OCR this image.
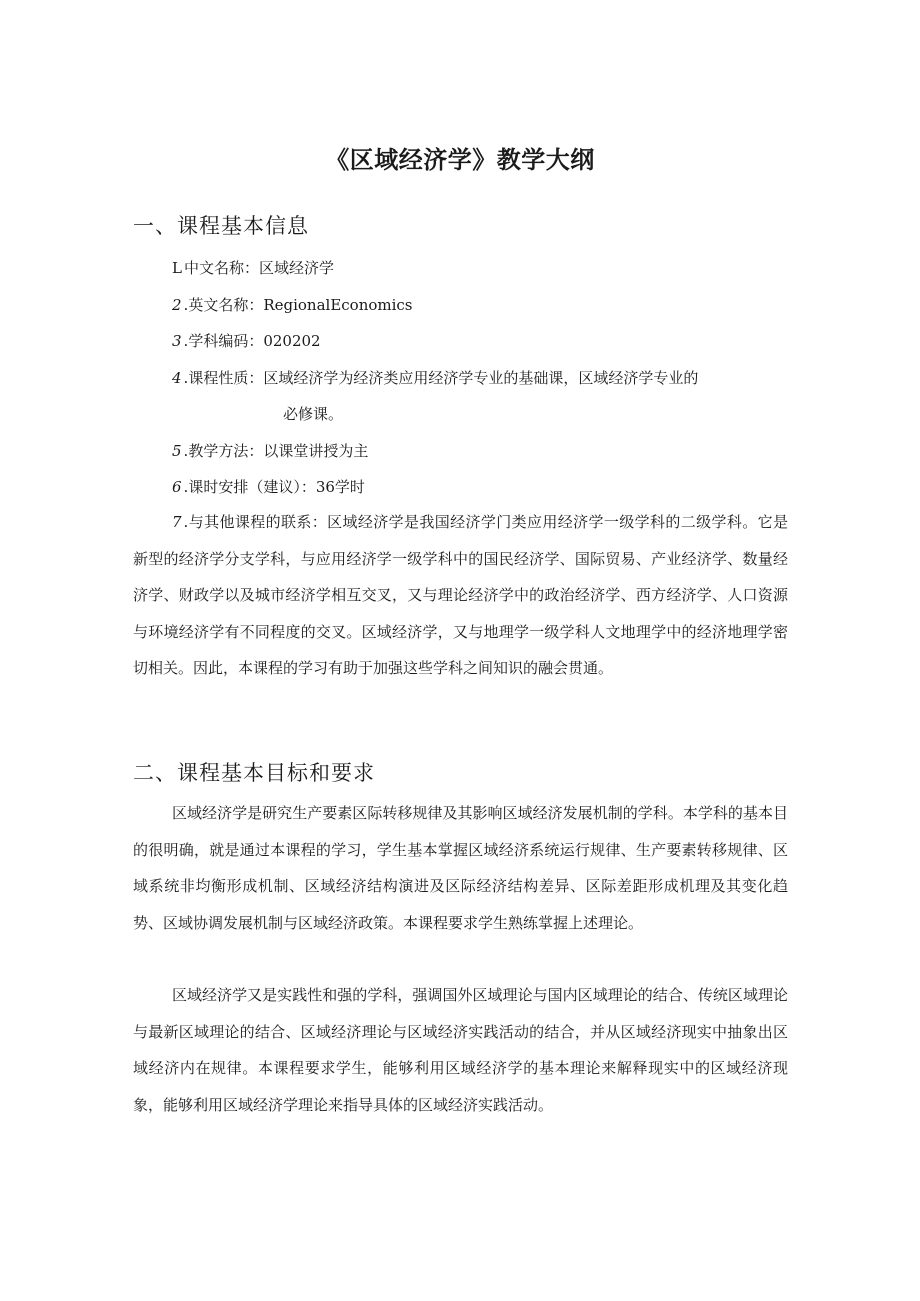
《区域经济学》教学大纲
一、课程基本信息
L 中文名称：区域经济学
2 .英文名称：RegionalEconomics
3 .学科编码：020202
4 .课程性质：区域经济学为经济类应用经济学专业的基础课，区域经济学专业的
必修课。
5 .教学方法：以课堂讲授为主
6 .课时安排（建议）：36学时
7 .与其他课程的联系：区域经济学是我国经济学门类应用经济学一级学科的二级学科。它是新型的经济学分支学科，与应用经济学一级学科中的国民经济学、国际贸易、产业经济学、数量经济学、财政学以及城市经济学相互交叉，又与理论经济学中的政治经济学、西方经济学、人口资源与环境经济学有不同程度的交叉。区域经济学，又与地理学一级学科人文地理学中的经济地理学密切相关。因此，本课程的学习有助于加强这些学科之间知识的融会贯通。
二、课程基本目标和要求
区域经济学是研究生产要素区际转移规律及其影响区域经济发展机制的学科。本学科的基本目的很明确，就是通过本课程的学习，学生基本掌握区域经济系统运行规律、生产要素转移规律、区域系统非均衡形成机制、区域经济结构演进及区际经济结构差异、区际差距形成机理及其变化趋势、区域协调发展机制与区域经济政策。本课程要求学生熟练掌握上述理论。
区域经济学又是实践性和强的学科，强调国外区域理论与国内区域理论的结合、传统区域理论与最新区域理论的结合、区域经济理论与区域经济实践活动的结合，并从区域经济现实中抽象出区域经济内在规律。本课程要求学生，能够利用区域经济学的基本理论来解释现实中的区域经济现象，能够利用区域经济学理论来指导具体的区域经济实践活动。
